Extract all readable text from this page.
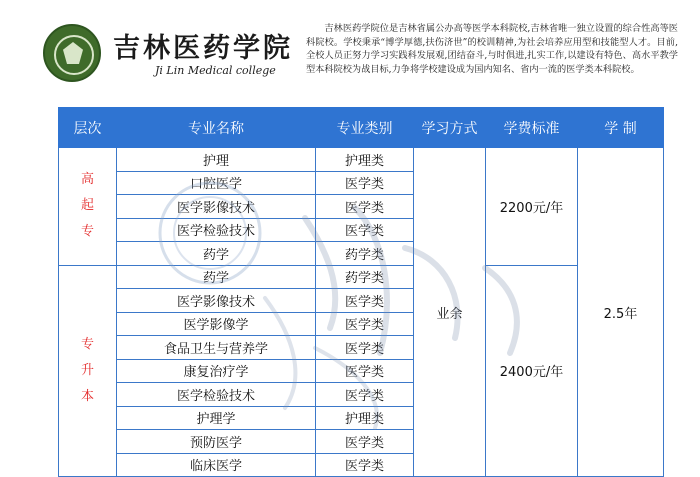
吉林医药学院
Ji Lin Medical college
吉林医药学院位是吉林省属公办高等医学本科院校,吉林省唯一独立设置的综合性高等医科院校。学校秉承“博学厚德,扶伤济世”的校训精神,为社会培养应用型和技能型人才。目前,全校人员正努力学习实践科发展观,团结奋斗,与时俱进,扎实工作,以建设有特色、高水平教学型本科院校为战目标,力争将学校建设成为国内知名、省内一流的医学类本科院校。
层次	专业名称	专业类别	学习方式	学费标准	学 制

高
起
专	护理	护理类	业余	2200元/年	2.5年
	口腔医学	医学类			
	医学影像技术	医学类			
	医学检验技术	医学类			
	药学	药学类			

专
升
本	药学	药学类		2400元/年	
	医学影像技术	医学类			
	医学影像学	医学类			
	食品卫生与营养学	医学类			
	康复治疗学	医学类			
	医学检验技术	医学类			
	护理学	护理类			
	预防医学	医学类			
	临床医学	医学类			
